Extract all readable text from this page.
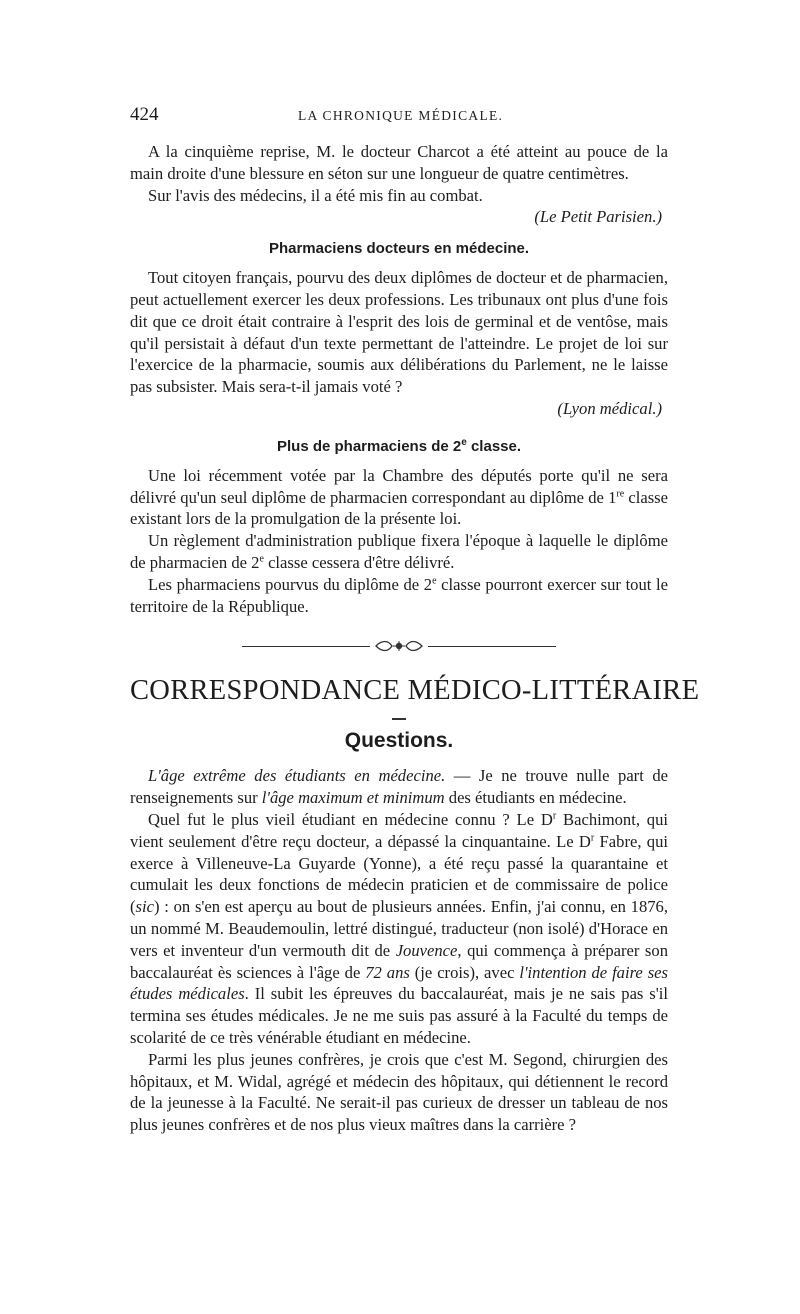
424	LA CHRONIQUE MÉDICALE.

A la cinquième reprise, M. le docteur Charcot a été atteint au pouce de la main droite d'une blessure en séton sur une longueur de quatre centimètres.

Sur l'avis des médecins, il a été mis fin au combat.

(Le Petit Parisien.)

Pharmaciens docteurs en médecine.

Tout citoyen français, pourvu des deux diplômes de docteur et de pharmacien, peut actuellement exercer les deux professions. Les tribunaux ont plus d'une fois dit que ce droit était contraire à l'esprit des lois de germinal et de ventôse, mais qu'il persistait à défaut d'un texte permettant de l'atteindre. Le projet de loi sur l'exercice de la pharmacie, soumis aux délibérations du Parlement, ne le laisse pas subsister. Mais sera-t-il jamais voté ?

(Lyon médical.)

Plus de pharmaciens de 2e classe.

Une loi récemment votée par la Chambre des députés porte qu'il ne sera délivré qu'un seul diplôme de pharmacien correspondant au diplôme de 1re classe existant lors de la promulgation de la présente loi.

Un règlement d'administration publique fixera l'époque à laquelle le diplôme de pharmacien de 2e classe cessera d'être délivré.

Les pharmaciens pourvus du diplôme de 2e classe pourront exercer sur tout le territoire de la République.

CORRESPONDANCE MÉDICO-LITTÉRAIRE
Questions.

L'âge extrême des étudiants en médecine. — Je ne trouve nulle part de renseignements sur l'âge maximum et minimum des étudiants en médecine.

Quel fut le plus vieil étudiant en médecine connu ? Le $D^r$ Bachimont, qui vient seulement d'être reçu docteur, a dépassé la cinquantaine. Le $D^r$ Fabre, qui exerce à Villeneuve-La Guyarde (Yonne), a été reçu passé la quarantaine et cumulait les deux fonctions de médecin praticien et de commissaire de police (sic) : on s'en est aperçu au bout de plusieurs années. Enfin, j'ai connu, en 1876, un nommé M. Beaudemoulin, lettré distingué, traducteur (non isolé) d'Horace en vers et inventeur d'un vermouth dit de Jouvence, qui commença à préparer son baccalauréat ès sciences à l'âge de 72 ans (je crois), avec l'intention de faire ses études médicales. Il subit les épreuves du baccalauréat, mais je ne sais pas s'il termina ses études médicales. Je ne me suis pas assuré à la Faculté du temps de scolarité de ce très vénérable étudiant en médecine.

Parmi les plus jeunes confrères, je crois que c'est M. Segond, chirurgien des hôpitaux, et M. Widal, agrégé et médecin des hôpitaux, qui détiennent le record de la jeunesse à la Faculté. Ne serait-il pas curieux de dresser un tableau de nos plus jeunes confrères et de nos plus vieux maîtres dans la carrière ?
